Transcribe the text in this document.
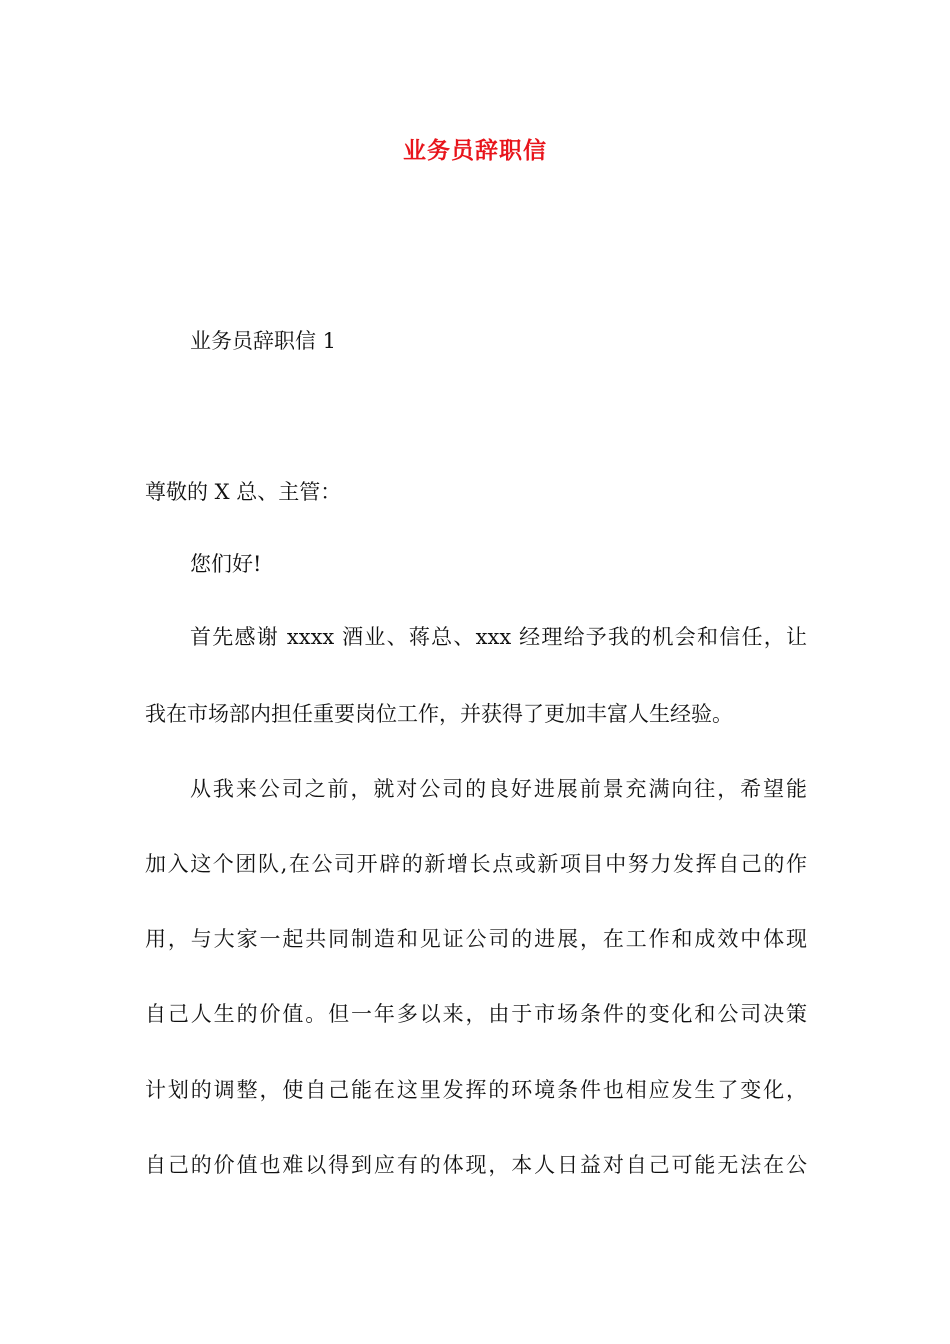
业务员辞职信
业务员辞职信 1
尊敬的 X 总、主管：
您们好!
首先感谢 xxxx 酒业、蒋总、xxx 经理给予我的机会和信任，让
我在市场部内担任重要岗位工作，并获得了更加丰富人生经验。
从我来公司之前，就对公司的良好进展前景充满向往，希望能
加入这个团队,在公司开辟的新增长点或新项目中努力发挥自己的作
用，与大家一起共同制造和见证公司的进展，在工作和成效中体现
自己人生的价值。但一年多以来，由于市场条件的变化和公司决策
计划的调整，使自己能在这里发挥的环境条件也相应发生了变化，
自己的价值也难以得到应有的体现，本人日益对自己可能无法在公
